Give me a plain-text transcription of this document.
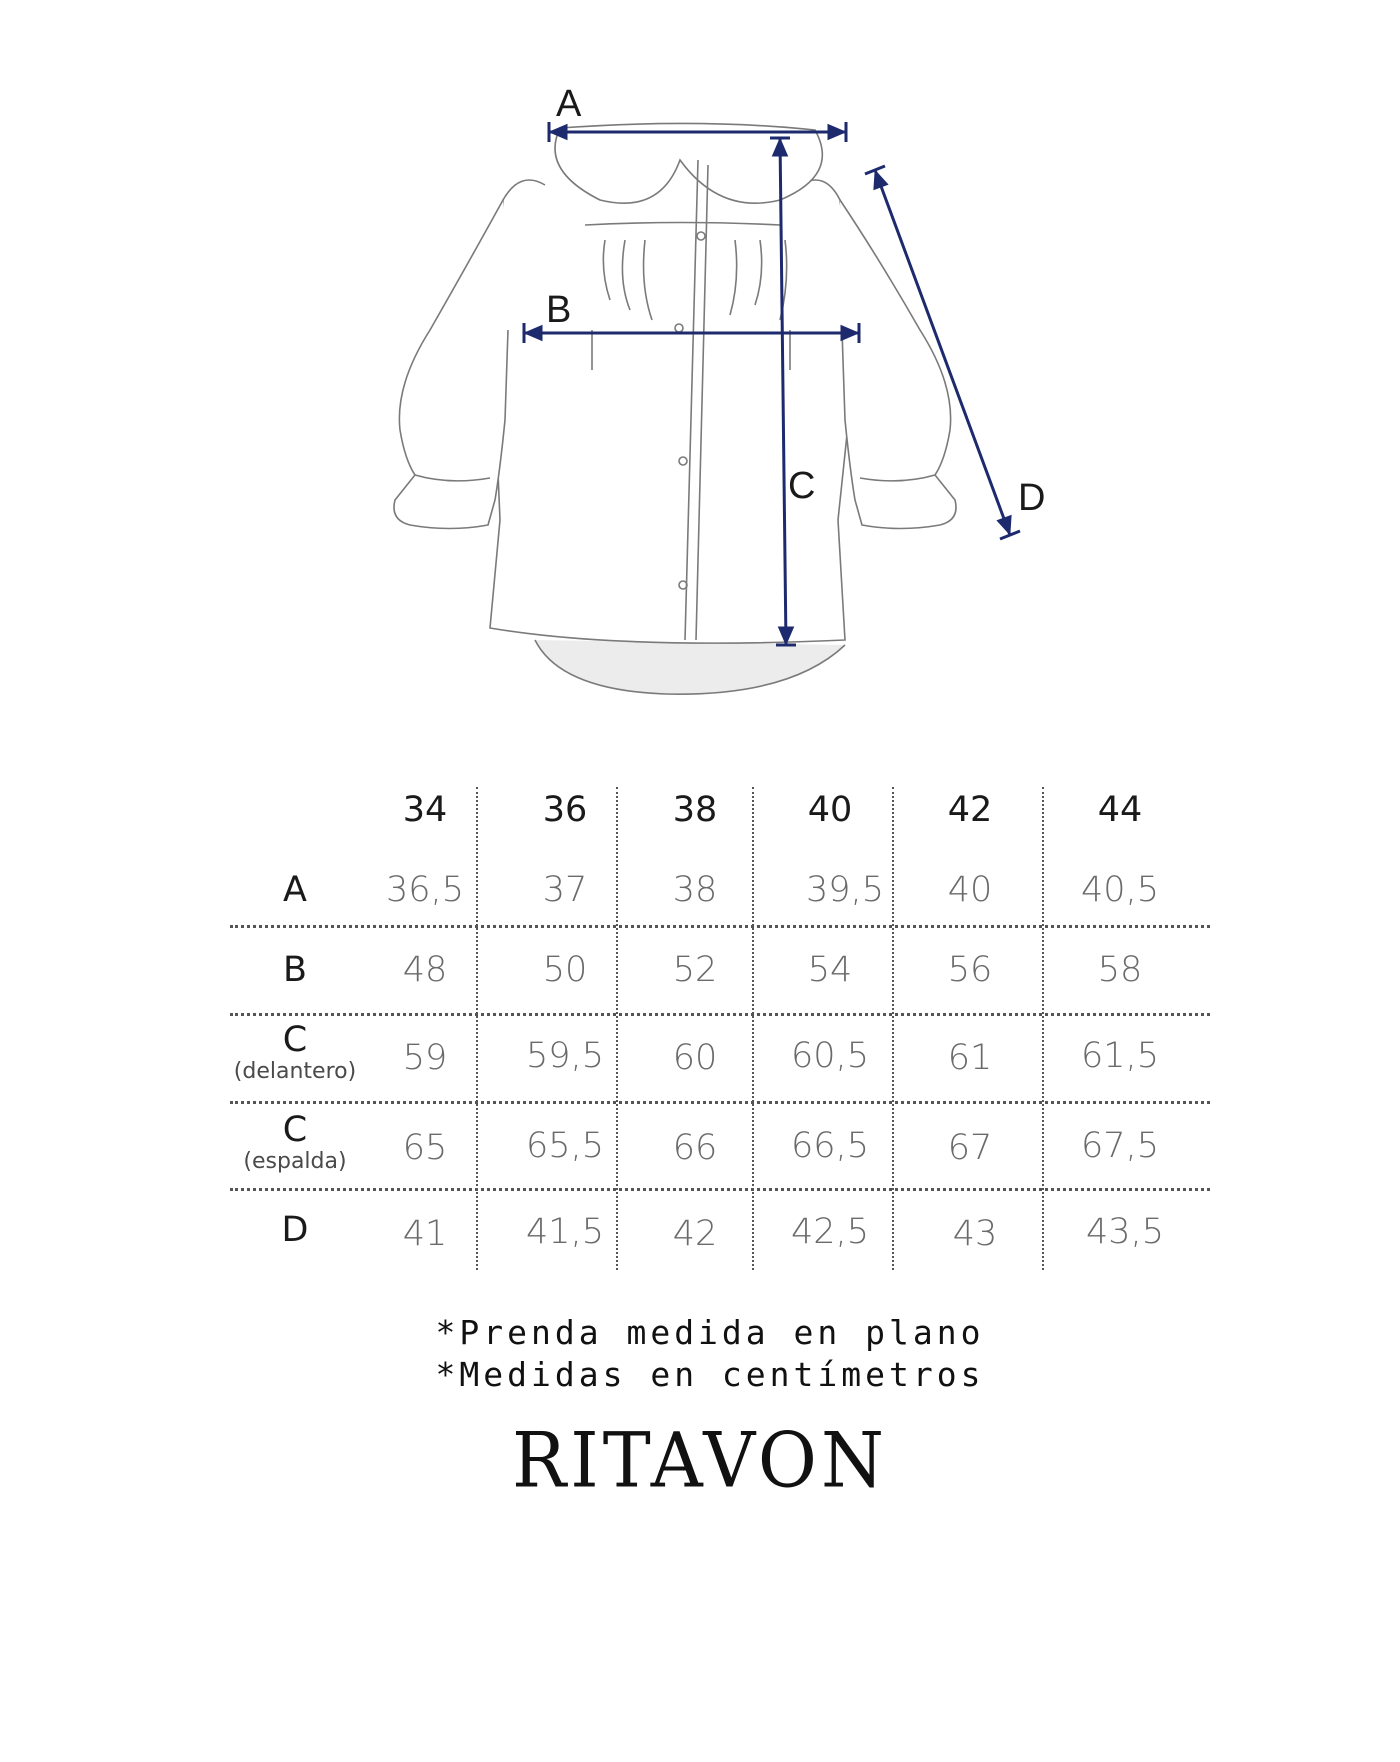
A
B
C	D
34	36	38	40	42	44
A	36,5	37	38	39,5	40	40,5
B	48	50	52	54	56	58
C
(delantero)	59	59,5	60	60,5	61	61,5
C
(espalda)	65	65,5	66	66,5	67	67,5
D	41	41,5	42	42,5	43	43,5
*Prenda medida en plano
*Medidas en centímetros
RITAVON
